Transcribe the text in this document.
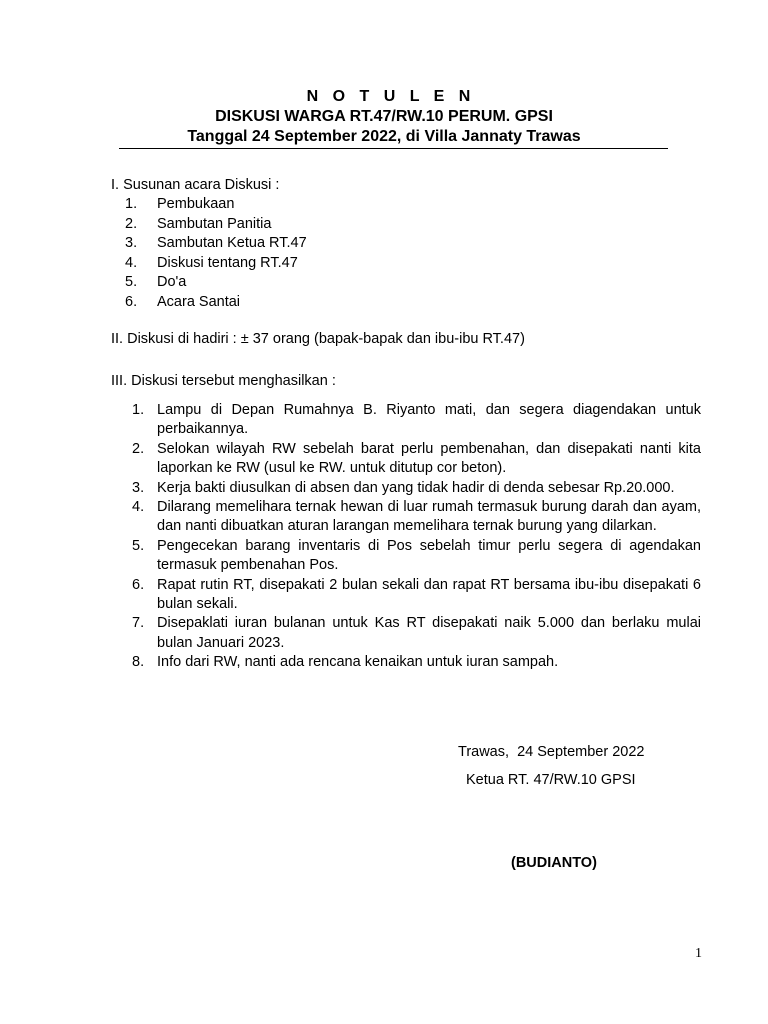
N O T U L E N
DISKUSI WARGA RT.47/RW.10 PERUM. GPSI
Tanggal 24 September 2022, di Villa Jannaty Trawas
I. Susunan acara Diskusi :
1.	Pembukaan
2.	Sambutan Panitia
3.	Sambutan Ketua RT.47
4.	Diskusi tentang RT.47
5.	Do'a
6.	Acara Santai
II. Diskusi di hadiri : ± 37 orang (bapak-bapak dan ibu-ibu RT.47)
III. Diskusi tersebut menghasilkan :
1. Lampu di Depan Rumahnya B. Riyanto mati, dan segera diagendakan untuk perbaikannya.
2. Selokan wilayah RW sebelah barat perlu pembenahan, dan disepakati nanti kita laporkan ke RW (usul ke RW. untuk ditutup cor beton).
3. Kerja bakti diusulkan di absen dan yang tidak hadir di denda sebesar Rp.20.000.
4. Dilarang memelihara ternak hewan di luar rumah termasuk burung darah dan ayam, dan nanti dibuatkan aturan larangan memelihara ternak burung yang dilarkan.
5. Pengecekan barang inventaris di Pos sebelah timur perlu segera di agendakan termasuk pembenahan Pos.
6. Rapat rutin RT, disepakati 2 bulan sekali dan rapat RT bersama ibu-ibu disepakati 6 bulan sekali.
7. Disepaklati iuran bulanan untuk Kas RT disepakati naik 5.000 dan berlaku mulai bulan Januari 2023.
8. Info dari RW, nanti ada rencana kenaikan untuk iuran sampah.
Trawas,  24 September 2022
Ketua RT. 47/RW.10 GPSI
(BUDIANTO)
1
